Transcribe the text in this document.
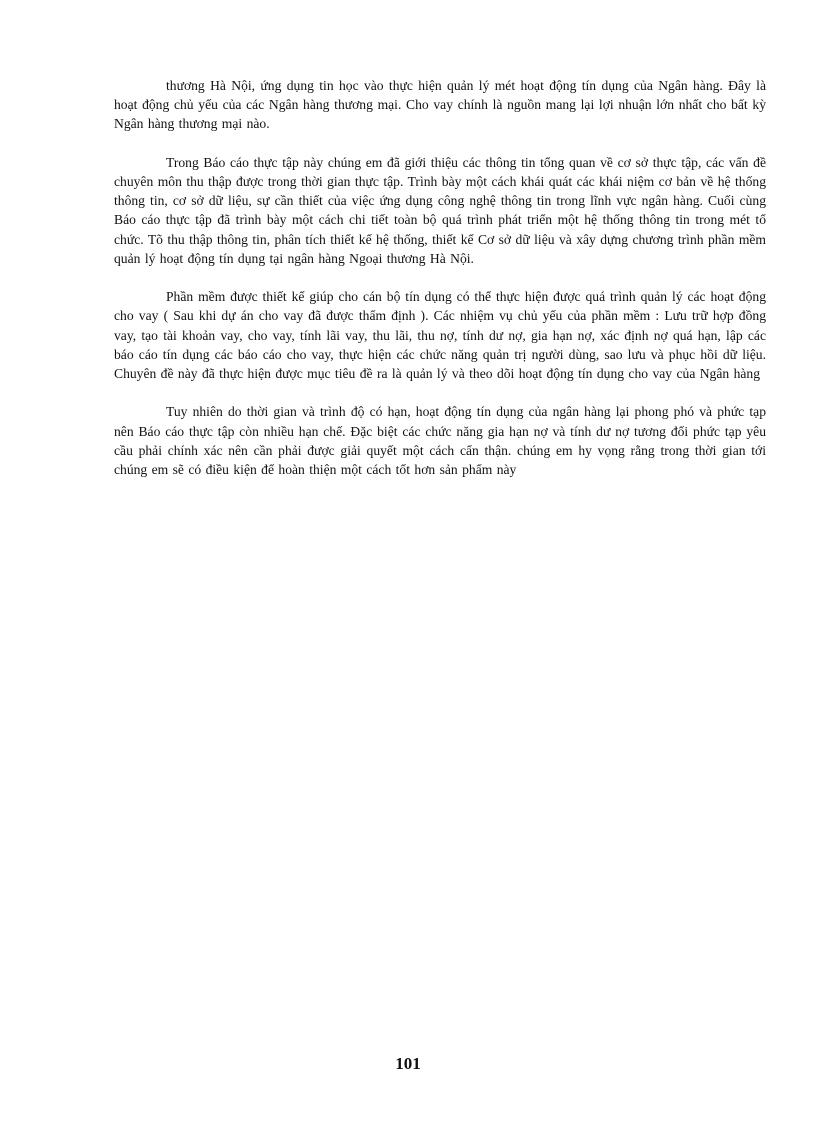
thương Hà Nội, ứng dụng tin học vào thực hiện quản lý mét hoạt động tín dụng của Ngân hàng. Đây là hoạt động chủ yếu của các Ngân hàng thương mại. Cho vay chính là nguồn mang lại lợi nhuận lớn nhất cho bất kỳ Ngân hàng thương mại nào.

Trong Báo cáo thực tập này chúng em đã giới thiệu các thông tin tổng quan về cơ sở thực tập, các vấn đề chuyên môn thu thập được trong thời gian thực tập. Trình bày một cách khái quát các khái niệm cơ bản về hệ thống thông tin, cơ sở dữ liệu, sự cần thiết của việc ứng dụng công nghệ thông tin trong lĩnh vực ngân hàng. Cuối cùng Báo cáo thực tập đã trình bày một cách chi tiết toàn bộ quá trình phát triển một hệ thống thông tin trong mét tổ chức. Tõ thu thập thông tin, phân tích thiết kế hệ thống, thiết kế Cơ sở dữ liệu và xây dựng chương trình phần mềm quản lý hoạt động tín dụng tại ngân hàng Ngoại thương Hà Nội.

Phần mềm được thiết kế giúp cho cán bộ tín dụng có thể thực hiện được quá trình quản lý các hoạt động cho vay ( Sau khi dự án cho vay đã được thẩm định ). Các nhiệm vụ chủ yếu của phần mềm : Lưu trữ hợp đồng vay, tạo tài khoản vay, cho vay, tính lãi vay, thu lãi, thu nợ, tính dư nợ, gia hạn nợ, xác định nợ quá hạn, lập các báo cáo tín dụng các báo cáo cho vay, thực hiện các chức năng quản trị người dùng, sao lưu và phục hồi dữ liệu. Chuyên đề này đã thực hiện được mục tiêu đề ra là quản lý và theo dõi hoạt động tín dụng cho vay của Ngân hàng

Tuy nhiên do thời gian và trình độ có hạn, hoạt động tín dụng của ngân hàng lại phong phó và phức tạp nên Báo cáo thực tập còn nhiều hạn chế. Đặc biệt các chức năng gia hạn nợ và tính dư nợ tương đối phức tạp yêu cầu phải chính xác nên cần phải được giải quyết một cách cẩn thận. chúng em hy vọng rằng trong thời gian tới chúng em sẽ có điều kiện để hoàn thiện một cách tốt hơn sản phẩm này

101
